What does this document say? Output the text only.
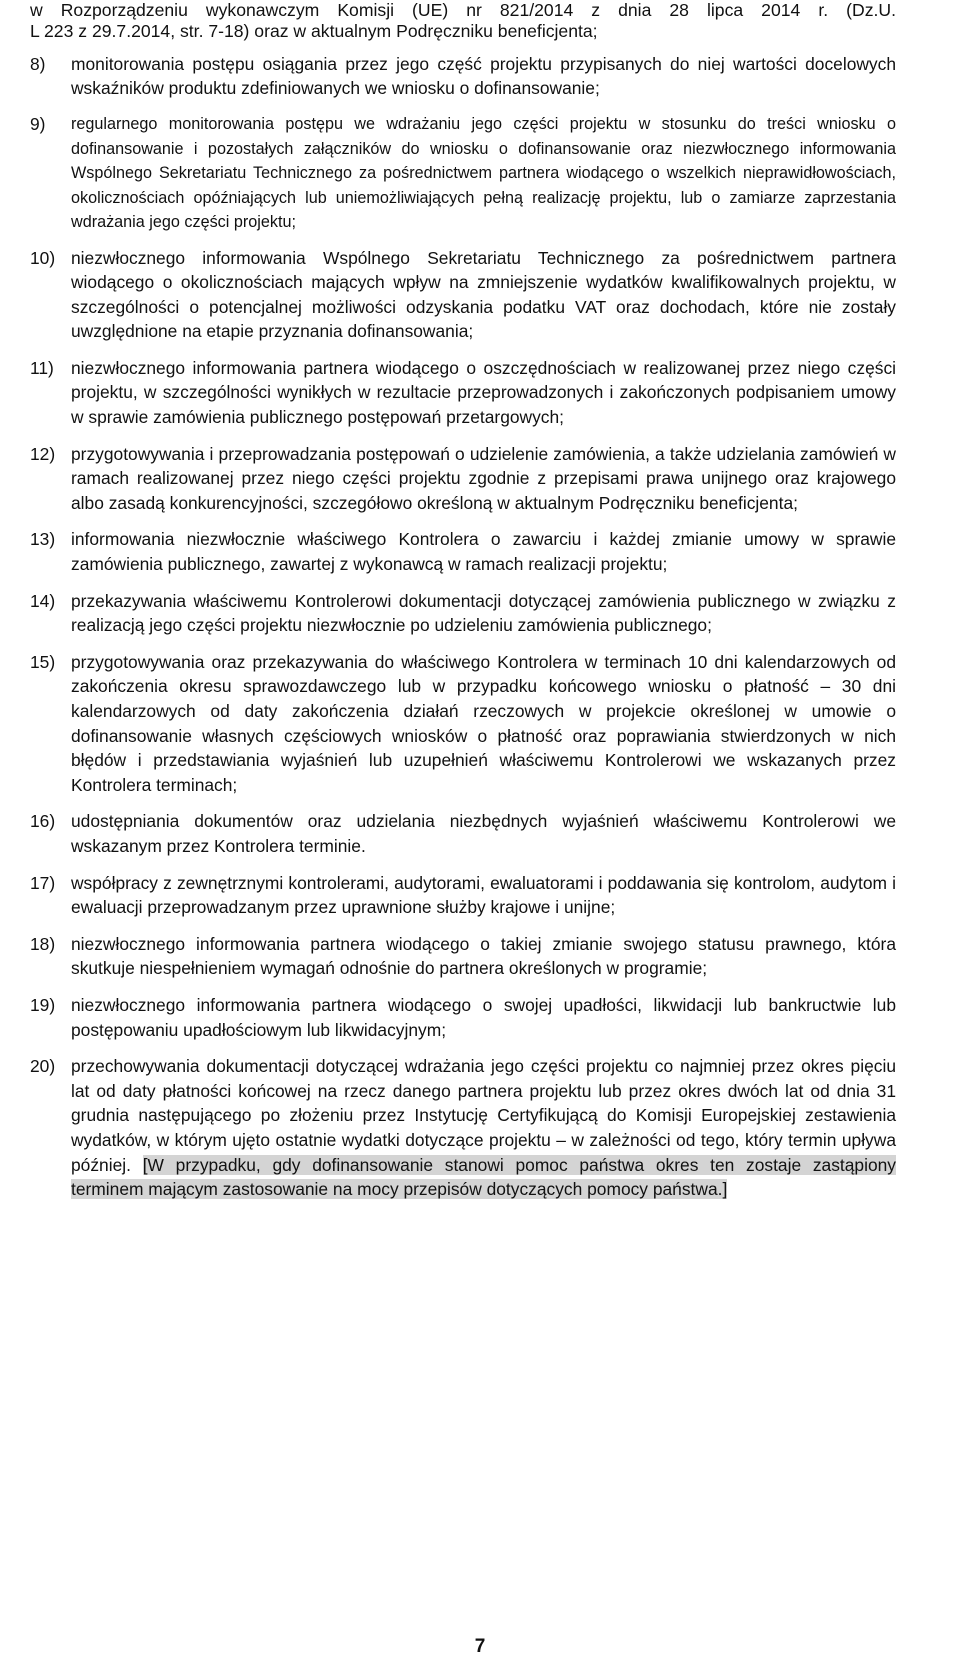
w Rozporządzeniu wykonawczym Komisji (UE) nr 821/2014 z dnia 28 lipca 2014 r. (Dz.U.
L 223 z 29.7.2014, str. 7-18) oraz w aktualnym Podręczniku beneficjenta;

8) monitorowania postępu osiągania przez jego część projektu przypisanych do niej wartości docelowych wskaźników produktu zdefiniowanych we wniosku o dofinansowanie;
9) regularnego monitorowania postępu we wdrażaniu jego części projektu w stosunku do treści wniosku o dofinansowanie i pozostałych załączników do wniosku o dofinansowanie oraz niezwłocznego informowania Wspólnego Sekretariatu Technicznego za pośrednictwem partnera wiodącego o wszelkich nieprawidłowościach, okolicznościach opóźniających lub uniemożliwiających pełną realizację projektu, lub o zamiarze zaprzestania wdrażania jego części projektu;
10) niezwłocznego informowania Wspólnego Sekretariatu Technicznego za pośrednictwem partnera wiodącego o okolicznościach mających wpływ na zmniejszenie wydatków kwalifikowalnych projektu, w szczególności o potencjalnej możliwości odzyskania podatku VAT oraz dochodach, które nie zostały uwzględnione na etapie przyznania dofinansowania;
11) niezwłocznego informowania partnera wiodącego o oszczędnościach w realizowanej przez niego części projektu, w szczególności wynikłych w rezultacie przeprowadzonych i zakończonych podpisaniem umowy w sprawie zamówienia publicznego postępowań przetargowych;
12) przygotowywania i przeprowadzania postępowań o udzielenie zamówienia, a także udzielania zamówień w ramach realizowanej przez niego części projektu zgodnie z przepisami prawa unijnego oraz krajowego albo zasadą konkurencyjności, szczegółowo określoną w aktualnym Podręczniku beneficjenta;
13) informowania niezwłocznie właściwego Kontrolera o zawarciu i każdej zmianie umowy w sprawie zamówienia publicznego, zawartej z wykonawcą w ramach realizacji projektu;
14) przekazywania właściwemu Kontrolerowi dokumentacji dotyczącej zamówienia publicznego w związku z realizacją jego części projektu niezwłocznie po udzieleniu zamówienia publicznego;
15) przygotowywania oraz przekazywania do właściwego Kontrolera w terminach 10 dni kalendarzowych od zakończenia okresu sprawozdawczego lub w przypadku końcowego wniosku o płatność – 30 dni kalendarzowych od daty zakończenia działań rzeczowych w projekcie określonej w umowie o dofinansowanie własnych częściowych wniosków o płatność oraz poprawiania stwierdzonych w nich błędów i przedstawiania wyjaśnień lub uzupełnień właściwemu Kontrolerowi we wskazanych przez Kontrolera terminach;
16) udostępniania dokumentów oraz udzielania niezbędnych wyjaśnień właściwemu Kontrolerowi we wskazanym przez Kontrolera terminie.
17) współpracy z zewnętrznymi kontrolerami, audytorami, ewaluatorami i poddawania się kontrolom, audytom i ewaluacji przeprowadzanym przez uprawnione służby krajowe i unijne;
18) niezwłocznego informowania partnera wiodącego o takiej zmianie swojego statusu prawnego, która skutkuje niespełnieniem wymagań odnośnie do partnera określonych w programie;
19) niezwłocznego informowania partnera wiodącego o swojej upadłości, likwidacji lub bankructwie lub postępowaniu upadłościowym lub likwidacyjnym;
20) przechowywania dokumentacji dotyczącej wdrażania jego części projektu co najmniej przez okres pięciu lat od daty płatności końcowej na rzecz danego partnera projektu lub przez okres dwóch lat od dnia 31 grudnia następującego po złożeniu przez Instytucję Certyfikującą do Komisji Europejskiej zestawienia wydatków, w którym ujęto ostatnie wydatki dotyczące projektu – w zależności od tego, który termin upływa później. [W przypadku, gdy dofinansowanie stanowi pomoc państwa okres ten zostaje zastąpiony terminem mającym zastosowanie na mocy przepisów dotyczących pomocy państwa.]
7
